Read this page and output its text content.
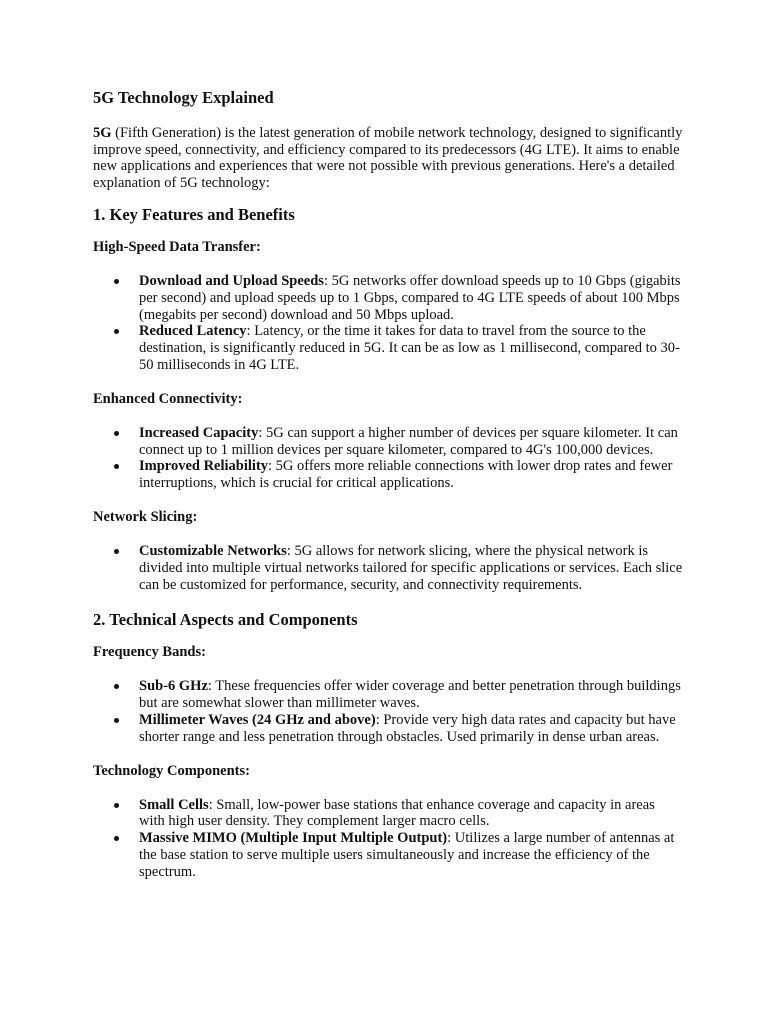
5G Technology Explained

5G (Fifth Generation) is the latest generation of mobile network technology, designed to significantly improve speed, connectivity, and efficiency compared to its predecessors (4G LTE). It aims to enable new applications and experiences that were not possible with previous generations. Here's a detailed explanation of 5G technology:

1. Key Features and Benefits
High-Speed Data Transfer:
Download and Upload Speeds: 5G networks offer download speeds up to 10 Gbps (gigabits per second) and upload speeds up to 1 Gbps, compared to 4G LTE speeds of about 100 Mbps (megabits per second) download and 50 Mbps upload.
Reduced Latency: Latency, or the time it takes for data to travel from the source to the destination, is significantly reduced in 5G. It can be as low as 1 millisecond, compared to 30-50 milliseconds in 4G LTE.
Enhanced Connectivity:
Increased Capacity: 5G can support a higher number of devices per square kilometer. It can connect up to 1 million devices per square kilometer, compared to 4G's 100,000 devices.
Improved Reliability: 5G offers more reliable connections with lower drop rates and fewer interruptions, which is crucial for critical applications.
Network Slicing:
Customizable Networks: 5G allows for network slicing, where the physical network is divided into multiple virtual networks tailored for specific applications or services. Each slice can be customized for performance, security, and connectivity requirements.
2. Technical Aspects and Components
Frequency Bands:
Sub-6 GHz: These frequencies offer wider coverage and better penetration through buildings but are somewhat slower than millimeter waves.
Millimeter Waves (24 GHz and above): Provide very high data rates and capacity but have shorter range and less penetration through obstacles. Used primarily in dense urban areas.
Technology Components:
Small Cells: Small, low-power base stations that enhance coverage and capacity in areas with high user density. They complement larger macro cells.
Massive MIMO (Multiple Input Multiple Output): Utilizes a large number of antennas at the base station to serve multiple users simultaneously and increase the efficiency of the spectrum.
